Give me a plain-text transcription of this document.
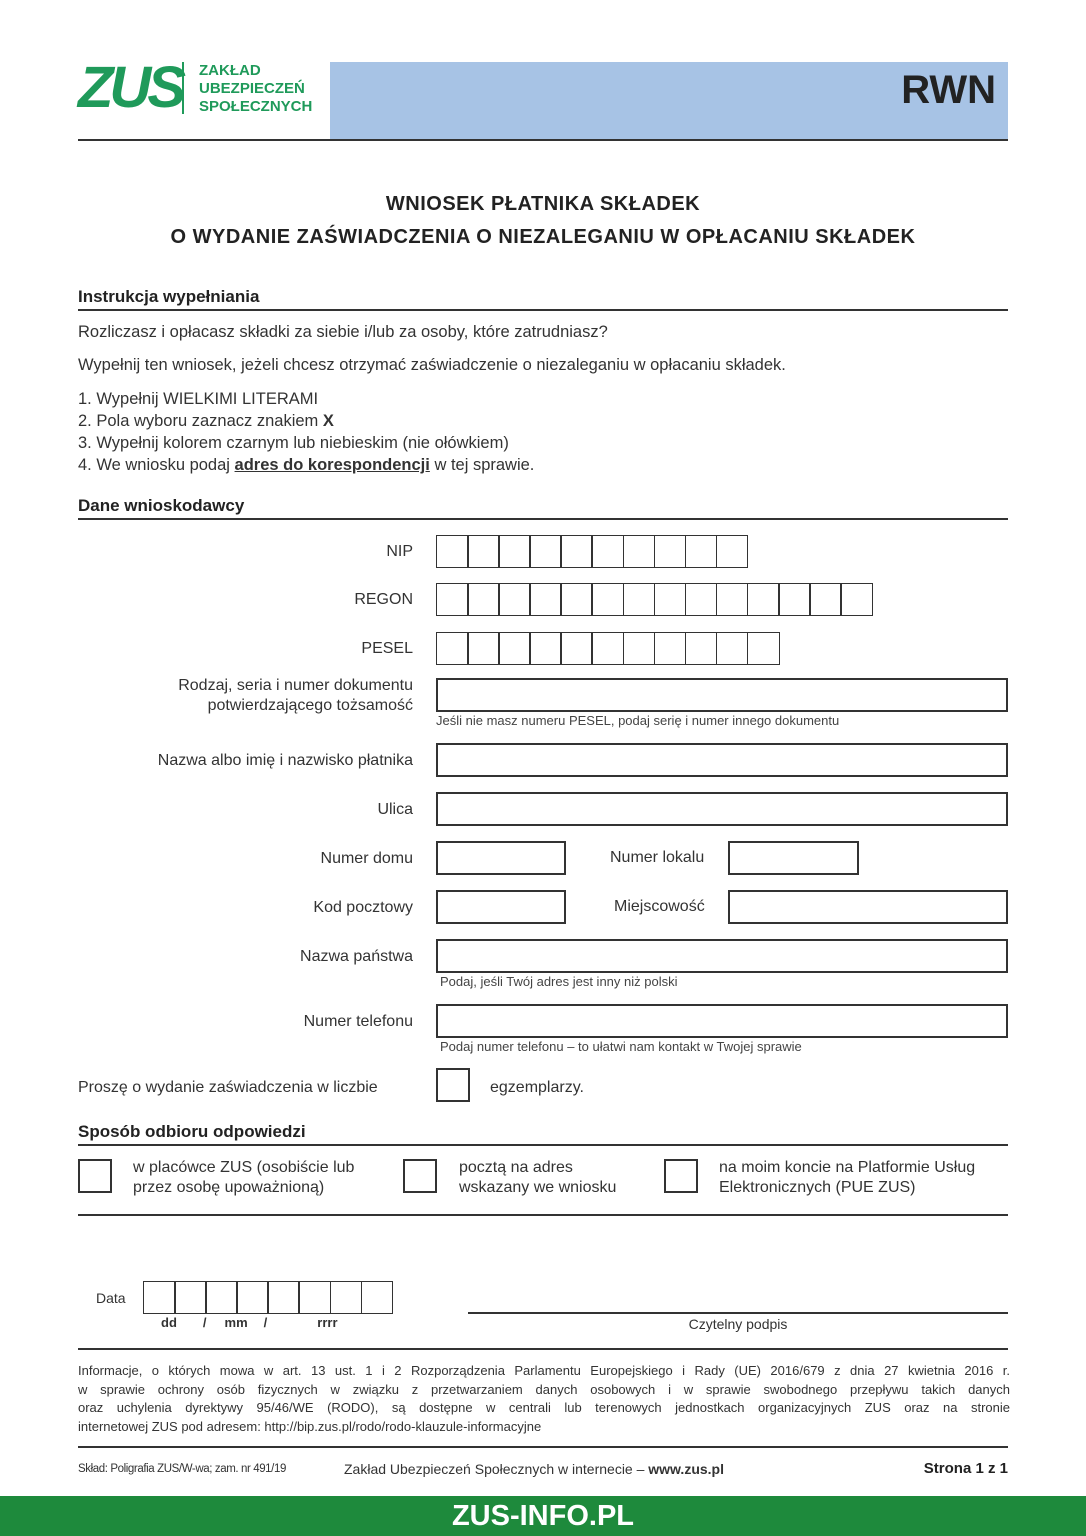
ZUS ZAKŁAD
UBEZPIECZEŃ
SPOŁECZNYCH	RWN
WNIOSEK PŁATNIKA SKŁADEK
O WYDANIE ZAŚWIADCZENIA O NIEZALEGANIU W OPŁACANIU SKŁADEK
Instrukcja wypełniania
Rozliczasz i opłacasz składki za siebie i/lub za osoby, które zatrudniasz?
Wypełnij ten wniosek, jeżeli chcesz otrzymać zaświadczenie o niezaleganiu w opłacaniu składek.
1. Wypełnij WIELKIMI LITERAMI
2. Pola wyboru zaznacz znakiem X
3. Wypełnij kolorem czarnym lub niebieskim (nie ołówkiem)
4. We wniosku podaj adres do korespondencji w tej sprawie.
Dane wnioskodawcy
NIP
REGON
PESEL
Rodzaj, seria i numer dokumentu
potwierdzającego tożsamość
Jeśli nie masz numeru PESEL, podaj serię i numer innego dokumentu
Nazwa albo imię i nazwisko płatnika
Ulica
Numer domu	Numer lokalu
Kod pocztowy	Miejscowość
Nazwa państwa
Podaj, jeśli Twój adres jest inny niż polski
Numer telefonu
Podaj numer telefonu – to ułatwi nam kontakt w Twojej sprawie
Proszę o wydanie zaświadczenia w liczbie	egzemplarzy.
Sposób odbioru odpowiedzi
w placówce ZUS (osobiście lub
przez osobę upoważnioną)
pocztą na adres
wskazany we wniosku
na moim koncie na Platformie Usług
Elektronicznych (PUE ZUS)
Data
dd / mm /	rrrr	Czytelny podpis
Informacje, o których mowa w art. 13 ust. 1 i 2 Rozporządzenia Parlamentu Europejskiego i Rady (UE) 2016/679 z dnia 27 kwietnia 2016 r.
w sprawie ochrony osób fizycznych w związku z przetwarzaniem danych osobowych i w sprawie swobodnego przepływu takich danych
oraz uchylenia dyrektywy 95/46/WE (RODO), są dostępne w centrali lub terenowych jednostkach organizacyjnych ZUS oraz na stronie
internetowej ZUS pod adresem: http://bip.zus.pl/rodo/rodo-klauzule-informacyjne
Skład: Poligrafia ZUS/W-wa; zam. nr 491/19	Zakład Ubezpieczeń Społecznych w internecie – www.zus.pl	Strona 1 z 1
ZUS-INFO.PL
